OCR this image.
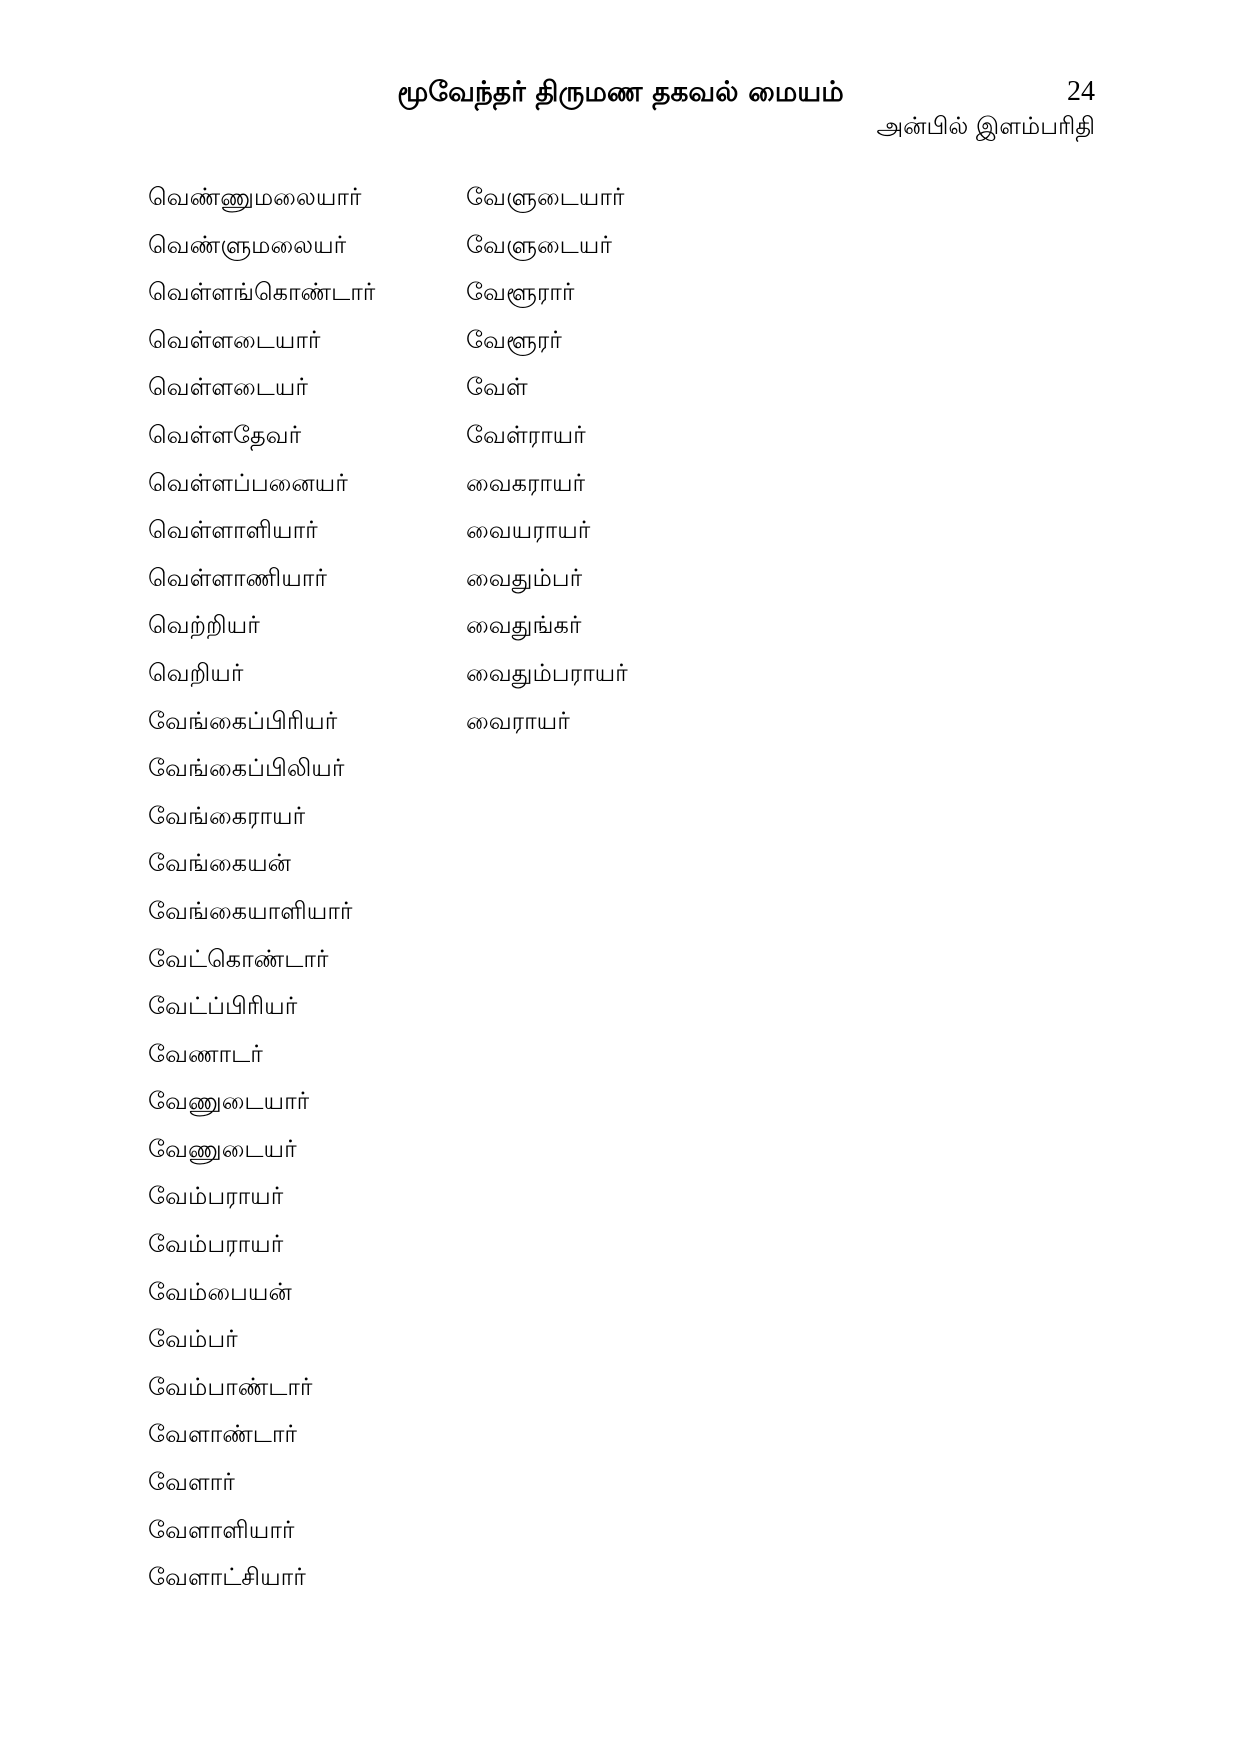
மூவேந்தர் திருமண தகவல் மையம்	24
அன்பில் இளம்பரிதி
வெண்ணுமலையார்
வெண்ளுமலையர்
வெள்ளங்கொண்டார்
வெள்ளடையார்
வெள்ளடையர்
வெள்ளதேவர்
வெள்ளப்பனையர்
வெள்ளாளியார்
வெள்ளாணியார்
வெற்றியர்
வெறியர்
வேங்கைப்பிரியர்
வேங்கைப்பிலியர்
வேங்கைராயர்
வேங்கையன்
வேங்கையாளியார்
வேட்கொண்டார்
வேட்ப்பிரியர்
வேணாடர்
வேணுடையார்
வேணுடையர்
வேம்பராயர்
வேம்பராயர்
வேம்பையன்
வேம்பர்
வேம்பாண்டார்
வேளாண்டார்
வேளார்
வேளாளியார்
வேளாட்சியார்
வேளுடையார்
வேளுடையர்
வேளூரார்
வேளூரர்
வேள்
வேள்ராயர்
வைகராயர்
வையராயர்
வைதும்பர்
வைதுங்கர்
வைதும்பராயர்
வைராயர்
